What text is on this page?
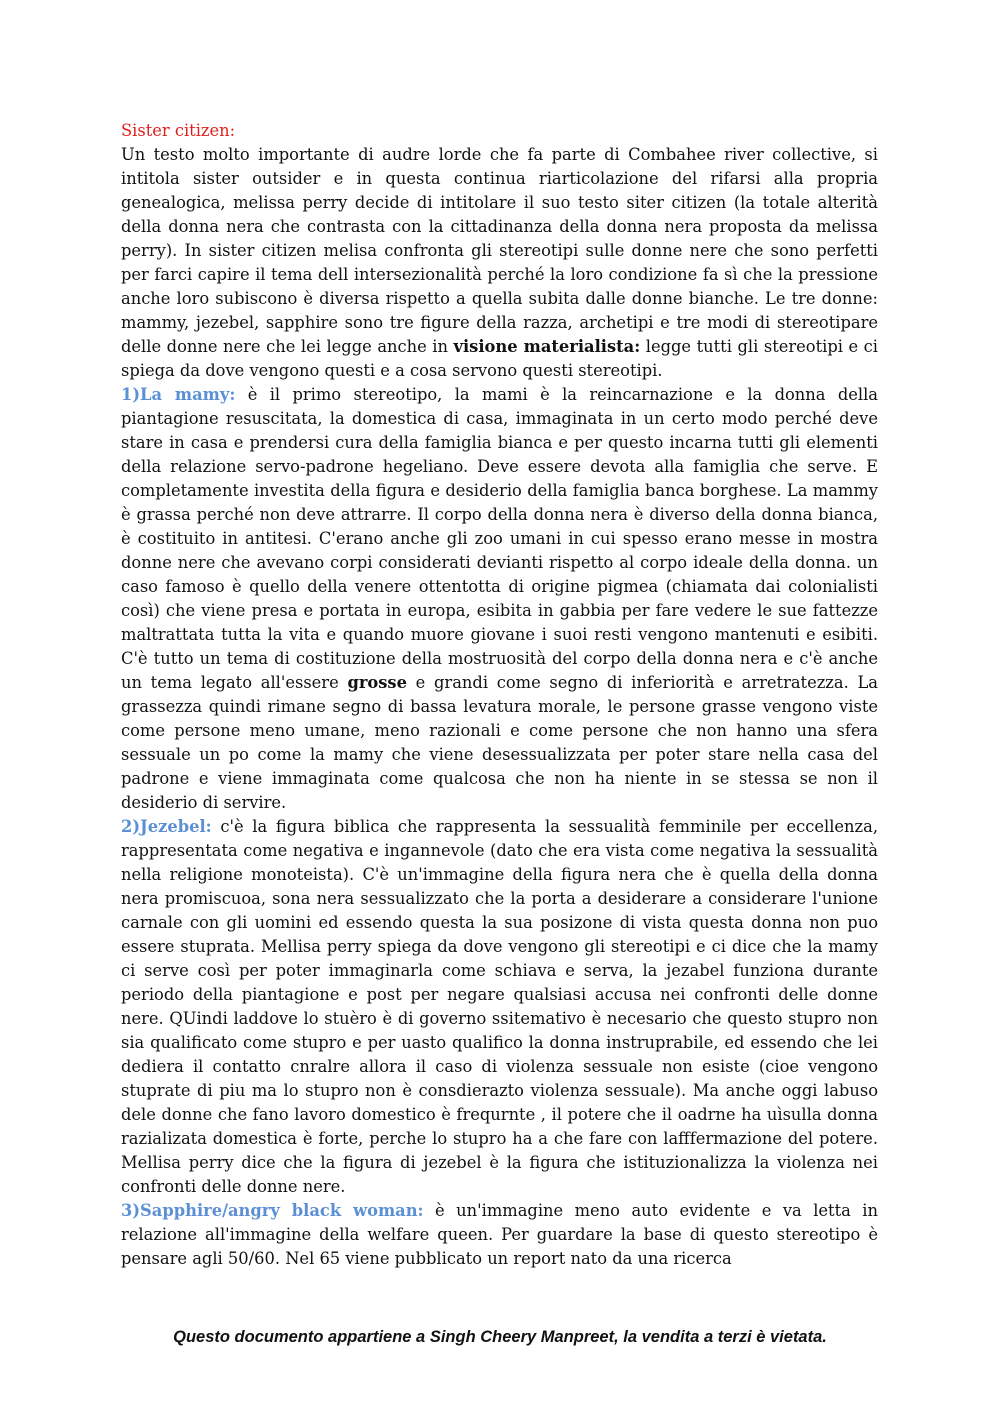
Sister citizen:

Un testo molto importante di audre lorde che fa parte di Combahee river collective, si intitola sister outsider e in questa continua riarticolazione del rifarsi alla propria genealogica, melissa perry decide di intitolare il suo testo siter citizen (la totale alterità della donna nera che contrasta con la cittadinanza della donna nera proposta da melissa perry). In sister citizen melisa confronta gli stereotipi sulle donne nere che sono perfetti per farci capire il tema dell intersezionalità perché la loro condizione fa sì che la pressione anche loro subiscono è diversa rispetto a quella subita dalle donne bianche. Le tre donne: mammy, jezebel, sapphire sono tre figure della razza, archetipi e tre modi di stereotipare delle donne nere che lei legge anche in visione materialista: legge tutti gli stereotipi e ci spiega da dove vengono questi e a cosa servono questi stereotipi.

1)La mamy: è il primo stereotipo, la mami è la reincarnazione e la donna della piantagione resuscitata, la domestica di casa, immaginata in un certo modo perché deve stare in casa e prendersi cura della famiglia bianca e per questo incarna tutti gli elementi della relazione servo-padrone hegeliano. Deve essere devota alla famiglia che serve. E completamente investita della figura e desiderio della famiglia banca borghese. La mammy è grassa perché non deve attrarre. Il corpo della donna nera è diverso della donna bianca, è costituito in antitesi. C'erano anche gli zoo umani in cui spesso erano messe in mostra donne nere che avevano corpi considerati devianti rispetto al corpo ideale della donna. un caso famoso è quello della venere ottentotta di origine pigmea (chiamata dai colonialisti così) che viene presa e portata in europa, esibita in gabbia per fare vedere le sue fattezze maltrattata tutta la vita e quando muore giovane i suoi resti vengono mantenuti e esibiti. C'è tutto un tema di costituzione della mostruosità del corpo della donna nera e c'è anche un tema legato all'essere grosse e grandi come segno di inferiorità e arretratezza. La grassezza quindi rimane segno di bassa levatura morale, le persone grasse vengono viste come persone meno umane, meno razionali e come persone che non hanno una sfera sessuale un po come la mamy che viene desessualizzata per poter stare nella casa del padrone e viene immaginata come qualcosa che non ha niente in se stessa se non il desiderio di servire.

2)Jezebel: c'è la figura biblica che rappresenta la sessualità femminile per eccellenza, rappresentata come negativa e ingannevole (dato che era vista come negativa la sessualità nella religione monoteista). C'è un'immagine della figura nera che è quella della donna nera promiscuoa, sona nera sessualizzato che la porta a desiderare a considerare l'unione carnale con gli uomini ed essendo questa la sua posizone di vista questa donna non puo essere stuprata. Mellisa perry spiega da dove vengono gli stereotipi e ci dice che la mamy ci serve così per poter immaginarla come schiava e serva, la jezabel funziona durante periodo della piantagione e post per negare qualsiasi accusa nei confronti delle donne nere. QUindi laddove lo stuèro è di governo ssitemativo è necesario che questo stupro non sia qualificato come stupro e per uasto qualifico la donna instruprabile, ed essendo che lei dediera il contatto cnralre allora il caso di violenza sessuale non esiste (cioe vengono stuprate di piu ma lo stupro non è consdierazto violenza sessuale). Ma anche oggi labuso dele donne che fano lavoro domestico è frequrnte , il potere che il oadrne ha uìsulla donna razializata domestica è forte, perche lo stupro ha a che fare con lafffermazione del potere. Mellisa perry dice che la figura di jezebel è la figura che istituzionalizza la violenza nei confronti delle donne nere.

3)Sapphire/angry black woman: è un'immagine meno auto evidente e va letta in relazione all'immagine della welfare queen. Per guardare la base di questo stereotipo è pensare agli 50/60. Nel 65 viene pubblicato un report nato da una ricerca

Questo documento appartiene a Singh Cheery Manpreet, la vendita a terzi è vietata.
